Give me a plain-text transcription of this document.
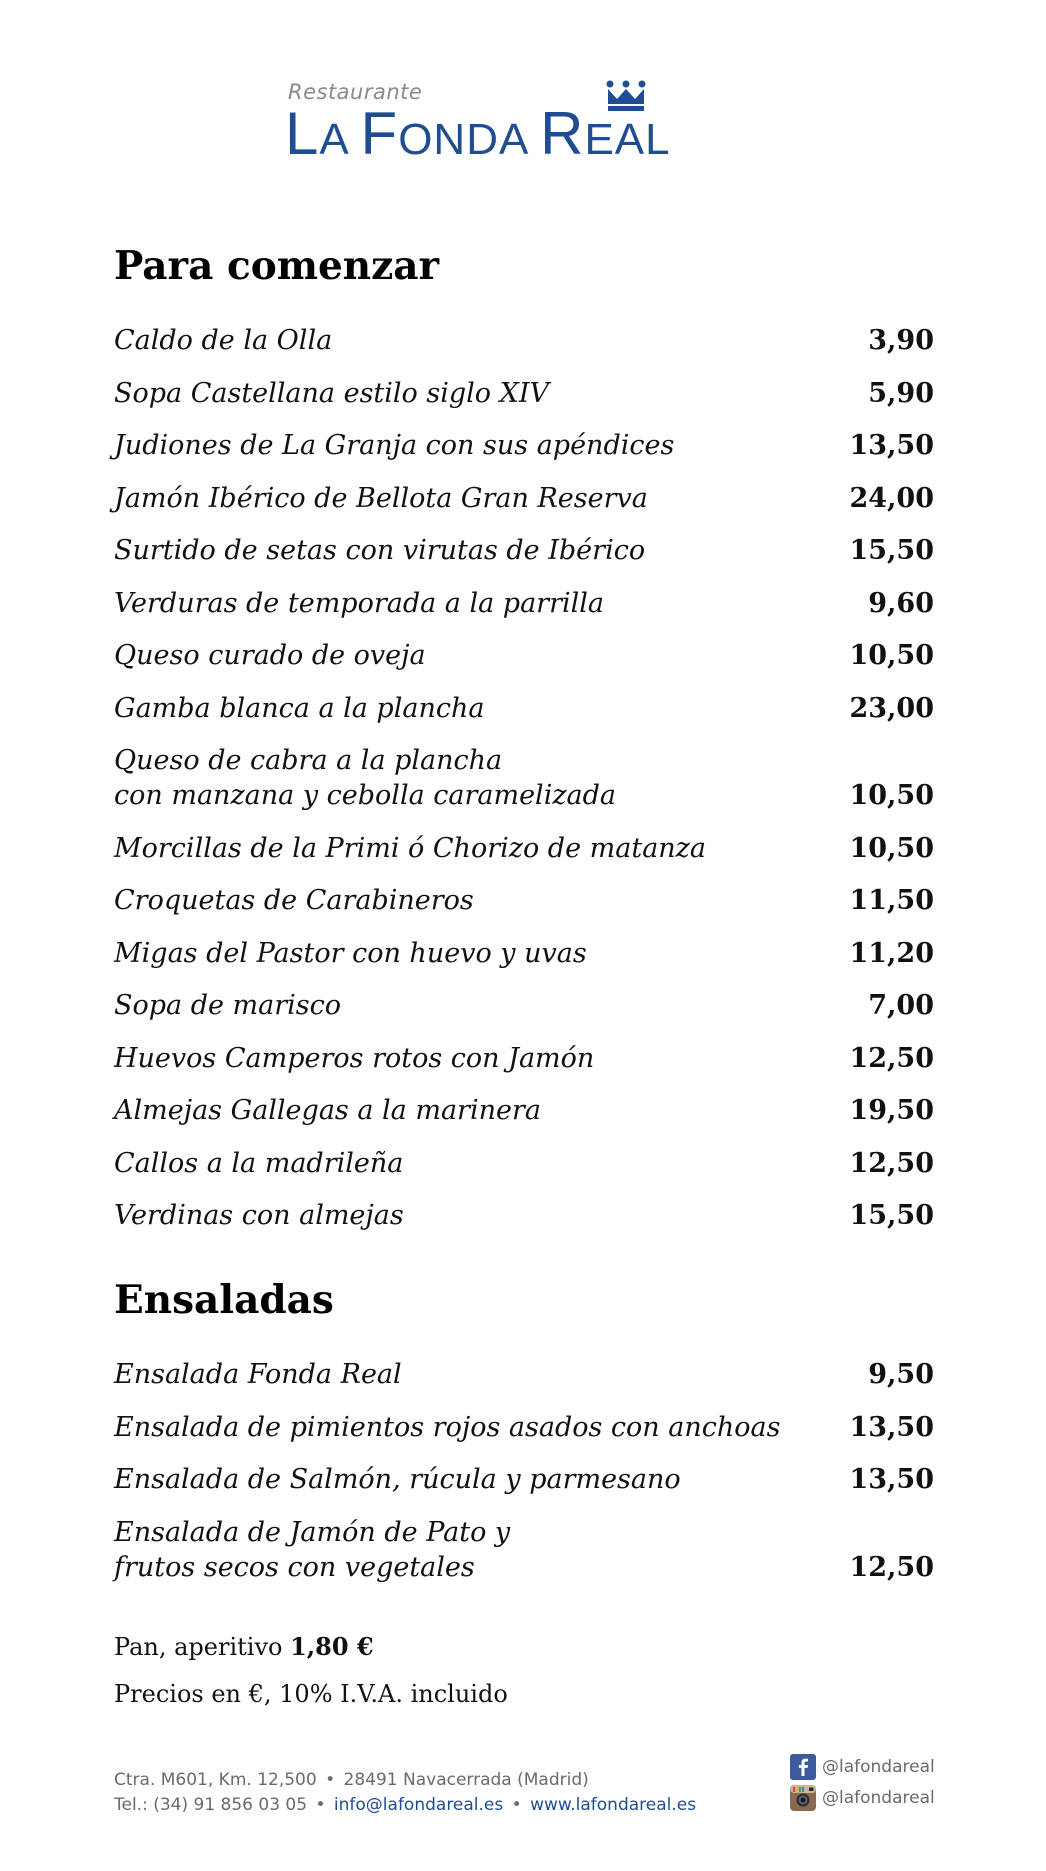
Restaurante
LA FONDA REAL
Para comenzar
Caldo de la Olla	3,90
Sopa Castellana estilo siglo XIV	5,90
Judiones de La Granja con sus apéndices	13,50
Jamón Ibérico de Bellota Gran Reserva	24,00
Surtido de setas con virutas de Ibérico	15,50
Verduras de temporada a la parrilla	9,60
Queso curado de oveja	10,50
Gamba blanca a la plancha	23,00
Queso de cabra a la plancha
con manzana y cebolla caramelizada	10,50
Morcillas de la Primi ó Chorizo de matanza	10,50
Croquetas de Carabineros	11,50
Migas del Pastor con huevo y uvas	11,20
Sopa de marisco	7,00
Huevos Camperos rotos con Jamón	12,50
Almejas Gallegas a la marinera	19,50
Callos a la madrileña	12,50
Verdinas con almejas	15,50
Ensaladas
Ensalada Fonda Real	9,50
Ensalada de pimientos rojos asados con anchoas	13,50
Ensalada de Salmón, rúcula y parmesano	13,50
Ensalada de Jamón de Pato y
frutos secos con vegetales	12,50

Pan, aperitivo 1,80 €

Precios en €, 10% I.V.A. incluido

Ctra. M601, Km. 12,500 • 28491 Navacerrada (Madrid)
Tel.: (34) 91 856 03 05 • info@lafondareal.es • www.lafondareal.es
@lafondareal
@lafondareal
